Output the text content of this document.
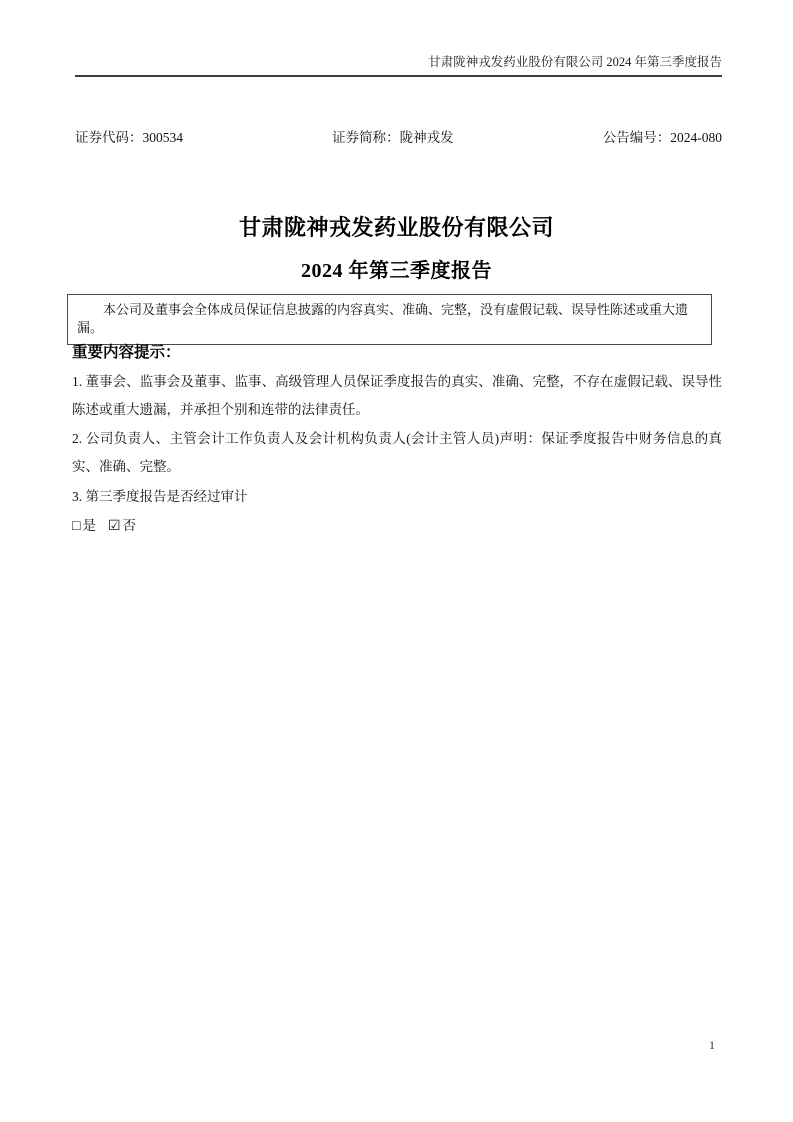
甘肃陇神戎发药业股份有限公司 2024 年第三季度报告
证券代码：300534	证券简称：陇神戎发	公告编号：2024-080
甘肃陇神戎发药业股份有限公司
2024 年第三季度报告
本公司及董事会全体成员保证信息披露的内容真实、准确、完整，没有虚假记载、误导性陈述或重大遗漏。
重要内容提示：

1. 董事会、监事会及董事、监事、高级管理人员保证季度报告的真实、准确、完整，不存在虚假记载、误导性陈述或重大遗漏，并承担个别和连带的法律责任。

2. 公司负责人、主管会计工作负责人及会计机构负责人(会计主管人员)声明：保证季度报告中财务信息的真实、准确、完整。

3. 第三季度报告是否经过审计

□ 是 ☑ 否
1
